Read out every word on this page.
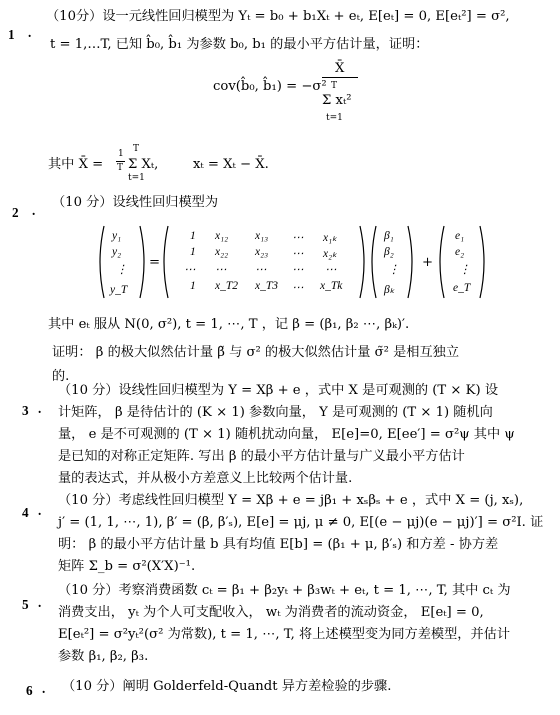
1 .
（10分）设一元线性回归模型为 Yₜ = b₀ + b₁Xₜ + eₜ, E[eₜ] = 0, E[eₜ²] = σ²,
t = 1,…T, 已知 b̂₀, b̂₁ 为参数 b₀, b₁ 的最小平方估计量，证明：
cov(b̂₀, b̂₁) = −σ²
X̄
T
Σ xₜ²
t=1
其中 X̄ =
1
T
T
Σ Xₜ,
t=1
xₜ = Xₜ − X̄.
2 .
（10 分）设线性回归模型为
y₁
y₂
⋮
y_T
=
1 x₁₂ x₁₃ ⋯ x₁ₖ
1 x₂₂ x₂₃ ⋯ x₂ₖ
⋯ ⋯ ⋯ ⋯ ⋯
1 x_T2 x_T3 ⋯ x_Tk
β₁
β₂
⋮
βₖ
+
e₁
e₂
⋮
e_T
其中 eₜ 服从 N(0, σ²), t = 1, ⋯, T ，记 β = (β₁, β₂ ⋯, βₖ)′.
证明： β 的极大似然估计量 β̃ 与 σ² 的极大似然估计量 σ̃² 是相互独立
的.
3 .
（10 分）设线性回归模型为 Y = Xβ + e ，式中 X 是可观测的 (T × K) 设
计矩阵， β 是待估计的 (K × 1) 参数向量， Y 是可观测的 (T × 1) 随机向
量， e 是不可观测的 (T × 1) 随机扰动向量， E[e]=0, E[ee′] = σ²ψ 其中 ψ
是已知的对称正定矩阵. 写出 β 的最小平方估计量与广义最小平方估计
量的表达式，并从极小方差意义上比较两个估计量.
4 .
（10 分）考虑线性回归模型 Y = Xβ + e = jβ₁ + xₛβₛ + e ，式中 X = (j, xₛ),
j′ = (1, 1, ⋯, 1), β′ = (β, β′ₛ), E[e] = μj, μ ≠ 0, E[(e − μj)(e − μj)′] = σ²I. 证
明： β 的最小平方估计量 b 具有均值 E[b] = (β₁ + μ, β′ₛ) 和方差 - 协方差
矩阵 Σ_b = σ²(X′X)⁻¹.
5 .
（10 分）考察消费函数 cₜ = β₁ + β₂yₜ + β₃wₜ + eₜ, t = 1, ⋯, T, 其中 cₜ 为
消费支出， yₜ 为个人可支配收入， wₜ 为消费者的流动资金， E[eₜ] = 0,
E[eₜ²] = σ²yₜ²(σ² 为常数), t = 1, ⋯, T, 将上述模型变为同方差模型，并估计
参数 β₁, β₂, β₃.
6 . （10 分）阐明 Golderfeld-Quandt 异方差检验的步骤.
